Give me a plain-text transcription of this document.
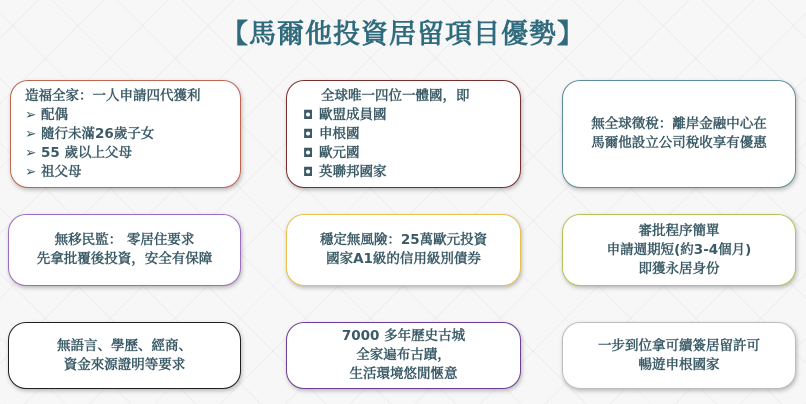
【馬爾他投資居留項目優勢】
造福全家：一人申請四代獲利
➢ 配偶
➢ 隨行未滿26歲子女
➢ 55 歲以上父母
➢ 祖父母
全球唯一四位一體國，即
◘ 歐盟成員國
◘ 申根國
◘ 歐元國
◘ 英聯邦國家
無全球徵稅：離岸金融中心在
馬爾他設立公司稅收享有優惠
無移民監： 零居住要求
先拿批覆後投資，安全有保障
穩定無風險：25萬歐元投資
國家A1級的信用級別債券
審批程序簡單
申請週期短(約3-4個月)
即獲永居身份
無語言、學歷、經商、
資金來源證明等要求
7000 多年歷史古城
全家遍布古蹟，
生活環境悠閒愜意
一步到位拿可續簽居留許可
暢遊申根國家
